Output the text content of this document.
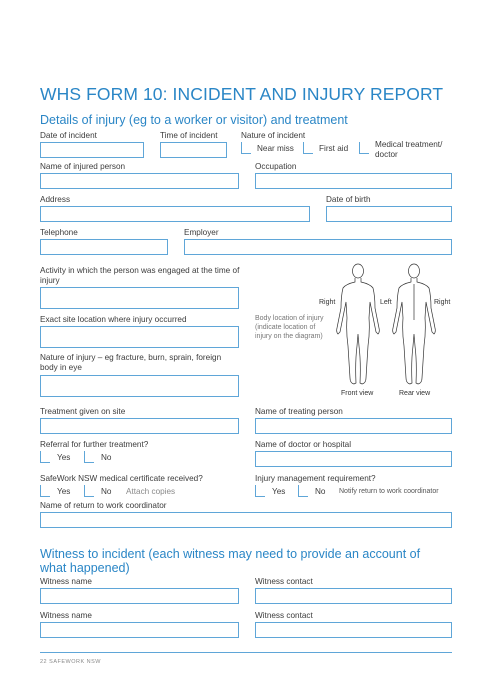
WHS FORM 10: INCIDENT AND INJURY REPORT
Details of injury (eg to a worker or visitor) and treatment
Date of incident	Time of incident	Nature of incident
Near miss	First aid	Medical treatment/ doctor
Name of injured person	Occupation
Address	Date of birth
Telephone	Employer
Activity in which the person was engaged at the time of injury
Exact site location where injury occurred
Nature of injury – eg fracture, burn, sprain, foreign body in eye
Body location of injury (indicate location of injury on the diagram)
Right	Left	Right
Front view	Rear view
Treatment given on site	Name of treating person
Referral for further treatment?
Yes	No
Name of doctor or hospital
SafeWork NSW medical certificate received?
Yes	No Attach copies
Injury management requirement?
Yes	No Notify return to work coordinator
Name of return to work coordinator
Witness to incident (each witness may need to provide an account of what happened)
Witness name	Witness contact
Witness name	Witness contact
22 SAFEWORK NSW
